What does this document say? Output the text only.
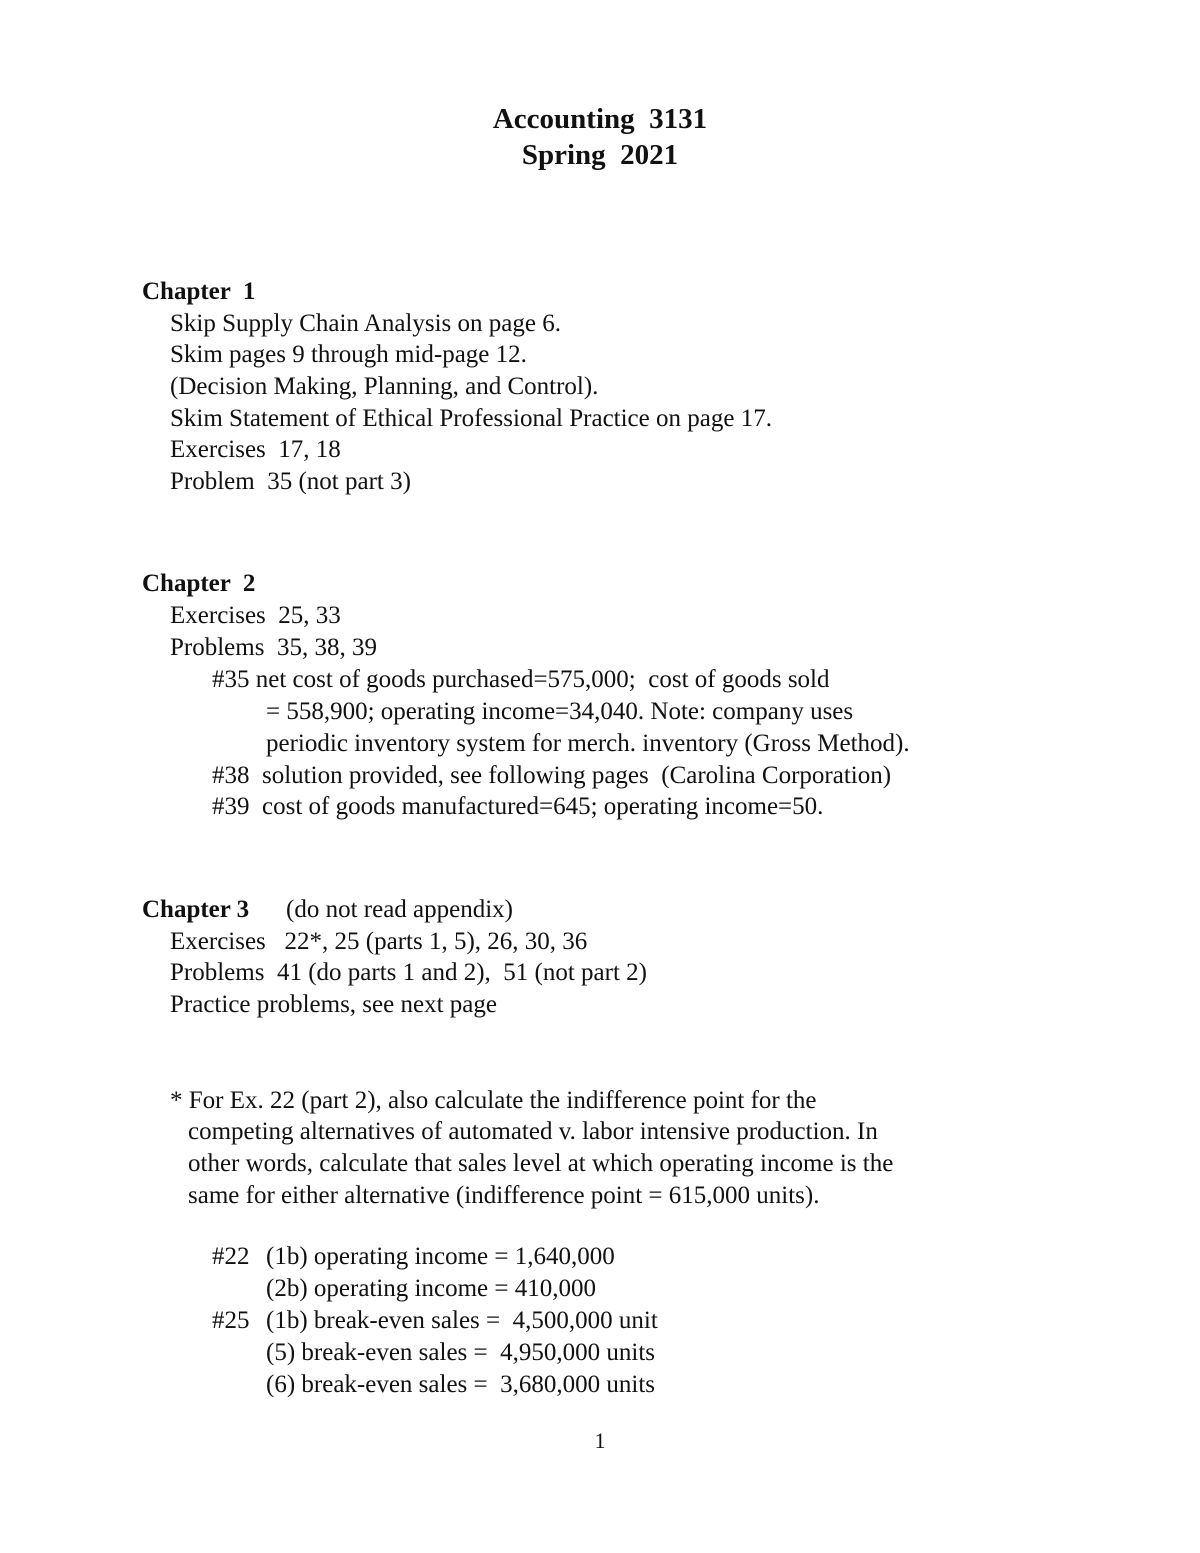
Accounting  3131
Spring  2021
Chapter  1
Skip Supply Chain Analysis on page 6.
Skim pages 9 through mid-page 12.
(Decision Making, Planning, and Control).
Skim Statement of Ethical Professional Practice on page 17.
Exercises  17, 18
Problem  35 (not part 3)
Chapter  2
Exercises  25, 33
Problems  35, 38, 39
#35 net cost of goods purchased=575,000;  cost of goods sold
= 558,900; operating income=34,040. Note: company uses
periodic inventory system for merch. inventory (Gross Method).
#38  solution provided, see following pages  (Carolina Corporation)
#39  cost of goods manufactured=645; operating income=50.
Chapter 3 (do not read appendix)
Exercises   22*, 25 (parts 1, 5), 26, 30, 36
Problems  41 (do parts 1 and 2),  51 (not part 2)
Practice problems, see next page
* For Ex. 22 (part 2), also calculate the indifference point for the
competing alternatives of automated v. labor intensive production. In
other words, calculate that sales level at which operating income is the
same for either alternative (indifference point = 615,000 units).
#22 (1b) operating income = 1,640,000
(2b) operating income = 410,000
#25 (1b) break-even sales =  4,500,000 unit
(5) break-even sales =  4,950,000 units
(6) break-even sales =  3,680,000 units
1
